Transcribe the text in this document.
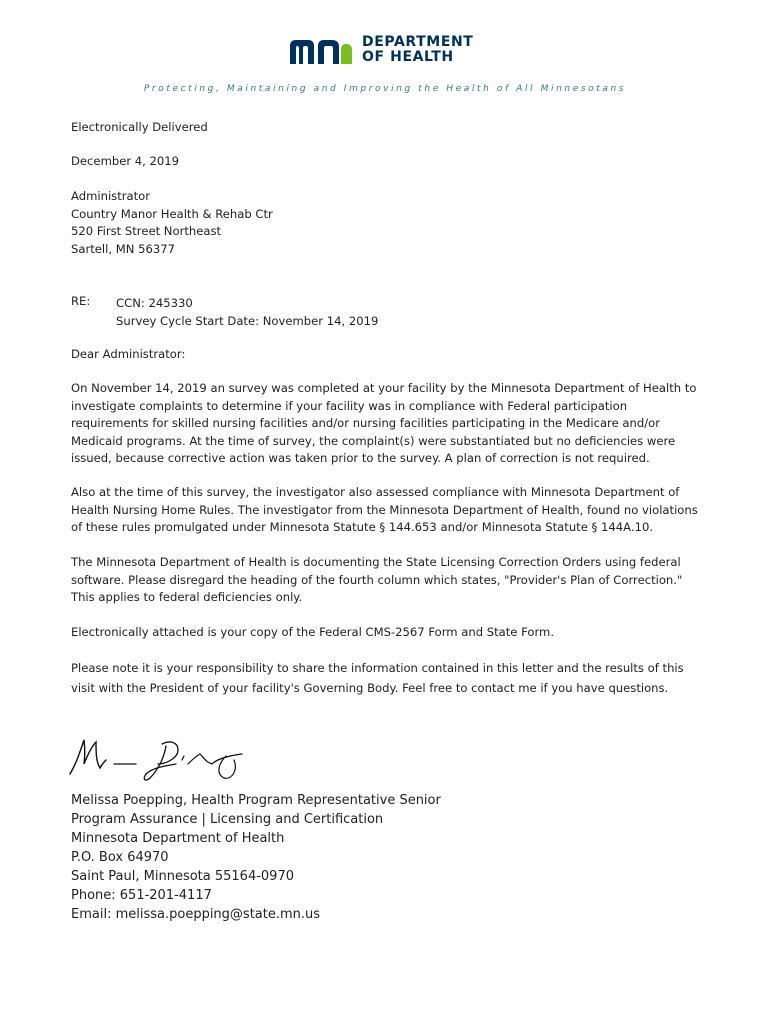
DEPARTMENT
OF HEALTH
Protecting, Maintaining and Improving the Health of All Minnesotans
Electronically Delivered
December 4, 2019
Administrator
Country Manor Health & Rehab Ctr
520 First Street Northeast
Sartell, MN 56377
RE: CCN: 245330
Survey Cycle Start Date: November 14, 2019
Dear Administrator:
On November 14, 2019 an survey was completed at your facility by the Minnesota Department of Health to investigate complaints to determine if your facility was in compliance with Federal participation requirements for skilled nursing facilities and/or nursing facilities participating in the Medicare and/or Medicaid programs. At the time of survey, the complaint(s) were substantiated but no deficiencies were issued, because corrective action was taken prior to the survey. A plan of correction is not required.
Also at the time of this survey, the investigator also assessed compliance with Minnesota Department of Health Nursing Home Rules. The investigator from the Minnesota Department of Health, found no violations of these rules promulgated under Minnesota Statute § 144.653 and/or Minnesota Statute § 144A.10.
The Minnesota Department of Health is documenting the State Licensing Correction Orders using federal software. Please disregard the heading of the fourth column which states, "Provider's Plan of Correction." This applies to federal deficiencies only.
Electronically attached is your copy of the Federal CMS-2567 Form and State Form.
Please note it is your responsibility to share the information contained in this letter and the results of this visit with the President of your facility's Governing Body. Feel free to contact me if you have questions.
Melissa Poepping, Health Program Representative Senior
Program Assurance | Licensing and Certification
Minnesota Department of Health
P.O. Box 64970
Saint Paul, Minnesota 55164-0970
Phone: 651-201-4117
Email: melissa.poepping@state.mn.us
